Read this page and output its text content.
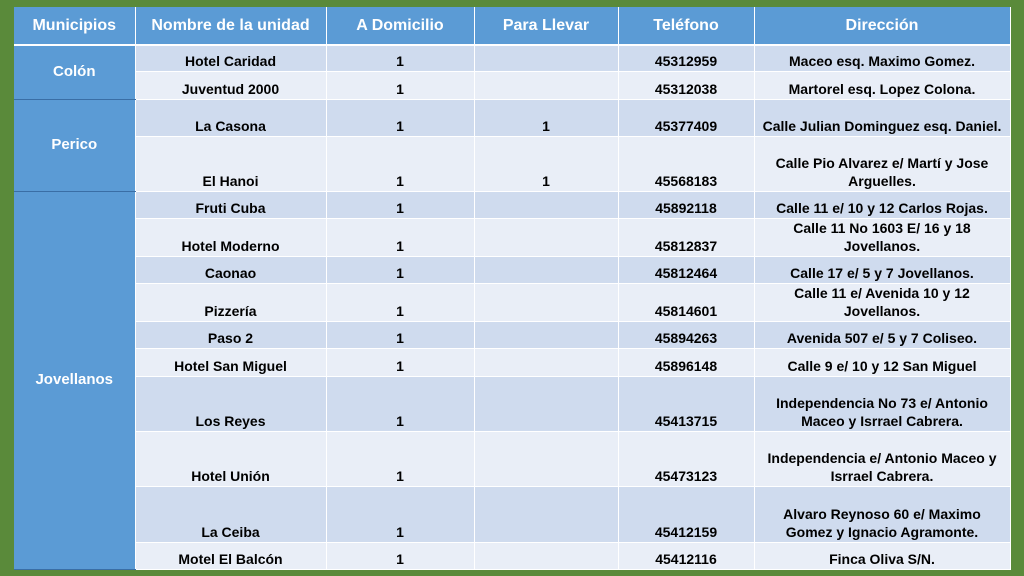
Municipios	Nombre de la unidad	A Domicilio	Para Llevar	Teléfono	Dirección
Colón	Hotel Caridad	1		45312959	Maceo esq. Maximo Gomez.
	Juventud 2000	1		45312038	Martorel esq. Lopez Colona.
Perico	La Casona	1	1	45377409	Calle Julian Dominguez esq. Daniel.
	El Hanoi	1	1	45568183	Calle Pio Alvarez e/ Martí y Jose Arguelles.
Jovellanos	Fruti Cuba	1		45892118	Calle 11 e/ 10 y 12 Carlos Rojas.
	Hotel Moderno	1		45812837	Calle 11 No 1603 E/ 16 y 18 Jovellanos.
	Caonao	1		45812464	Calle 17 e/ 5 y 7 Jovellanos.
	Pizzería	1		45814601	Calle 11 e/ Avenida 10 y 12 Jovellanos.
	Paso 2	1		45894263	Avenida 507 e/ 5 y 7 Coliseo.
	Hotel San Miguel	1		45896148	Calle 9 e/ 10 y 12 San Miguel
	Los Reyes	1		45413715	Independencia No 73 e/ Antonio Maceo y Isrrael Cabrera.
	Hotel Unión	1		45473123	Independencia e/ Antonio Maceo y Isrrael Cabrera.
	La Ceiba	1		45412159	Alvaro Reynoso 60 e/ Maximo Gomez y Ignacio Agramonte.
	Motel El Balcón	1		45412116	Finca Oliva S/N.
